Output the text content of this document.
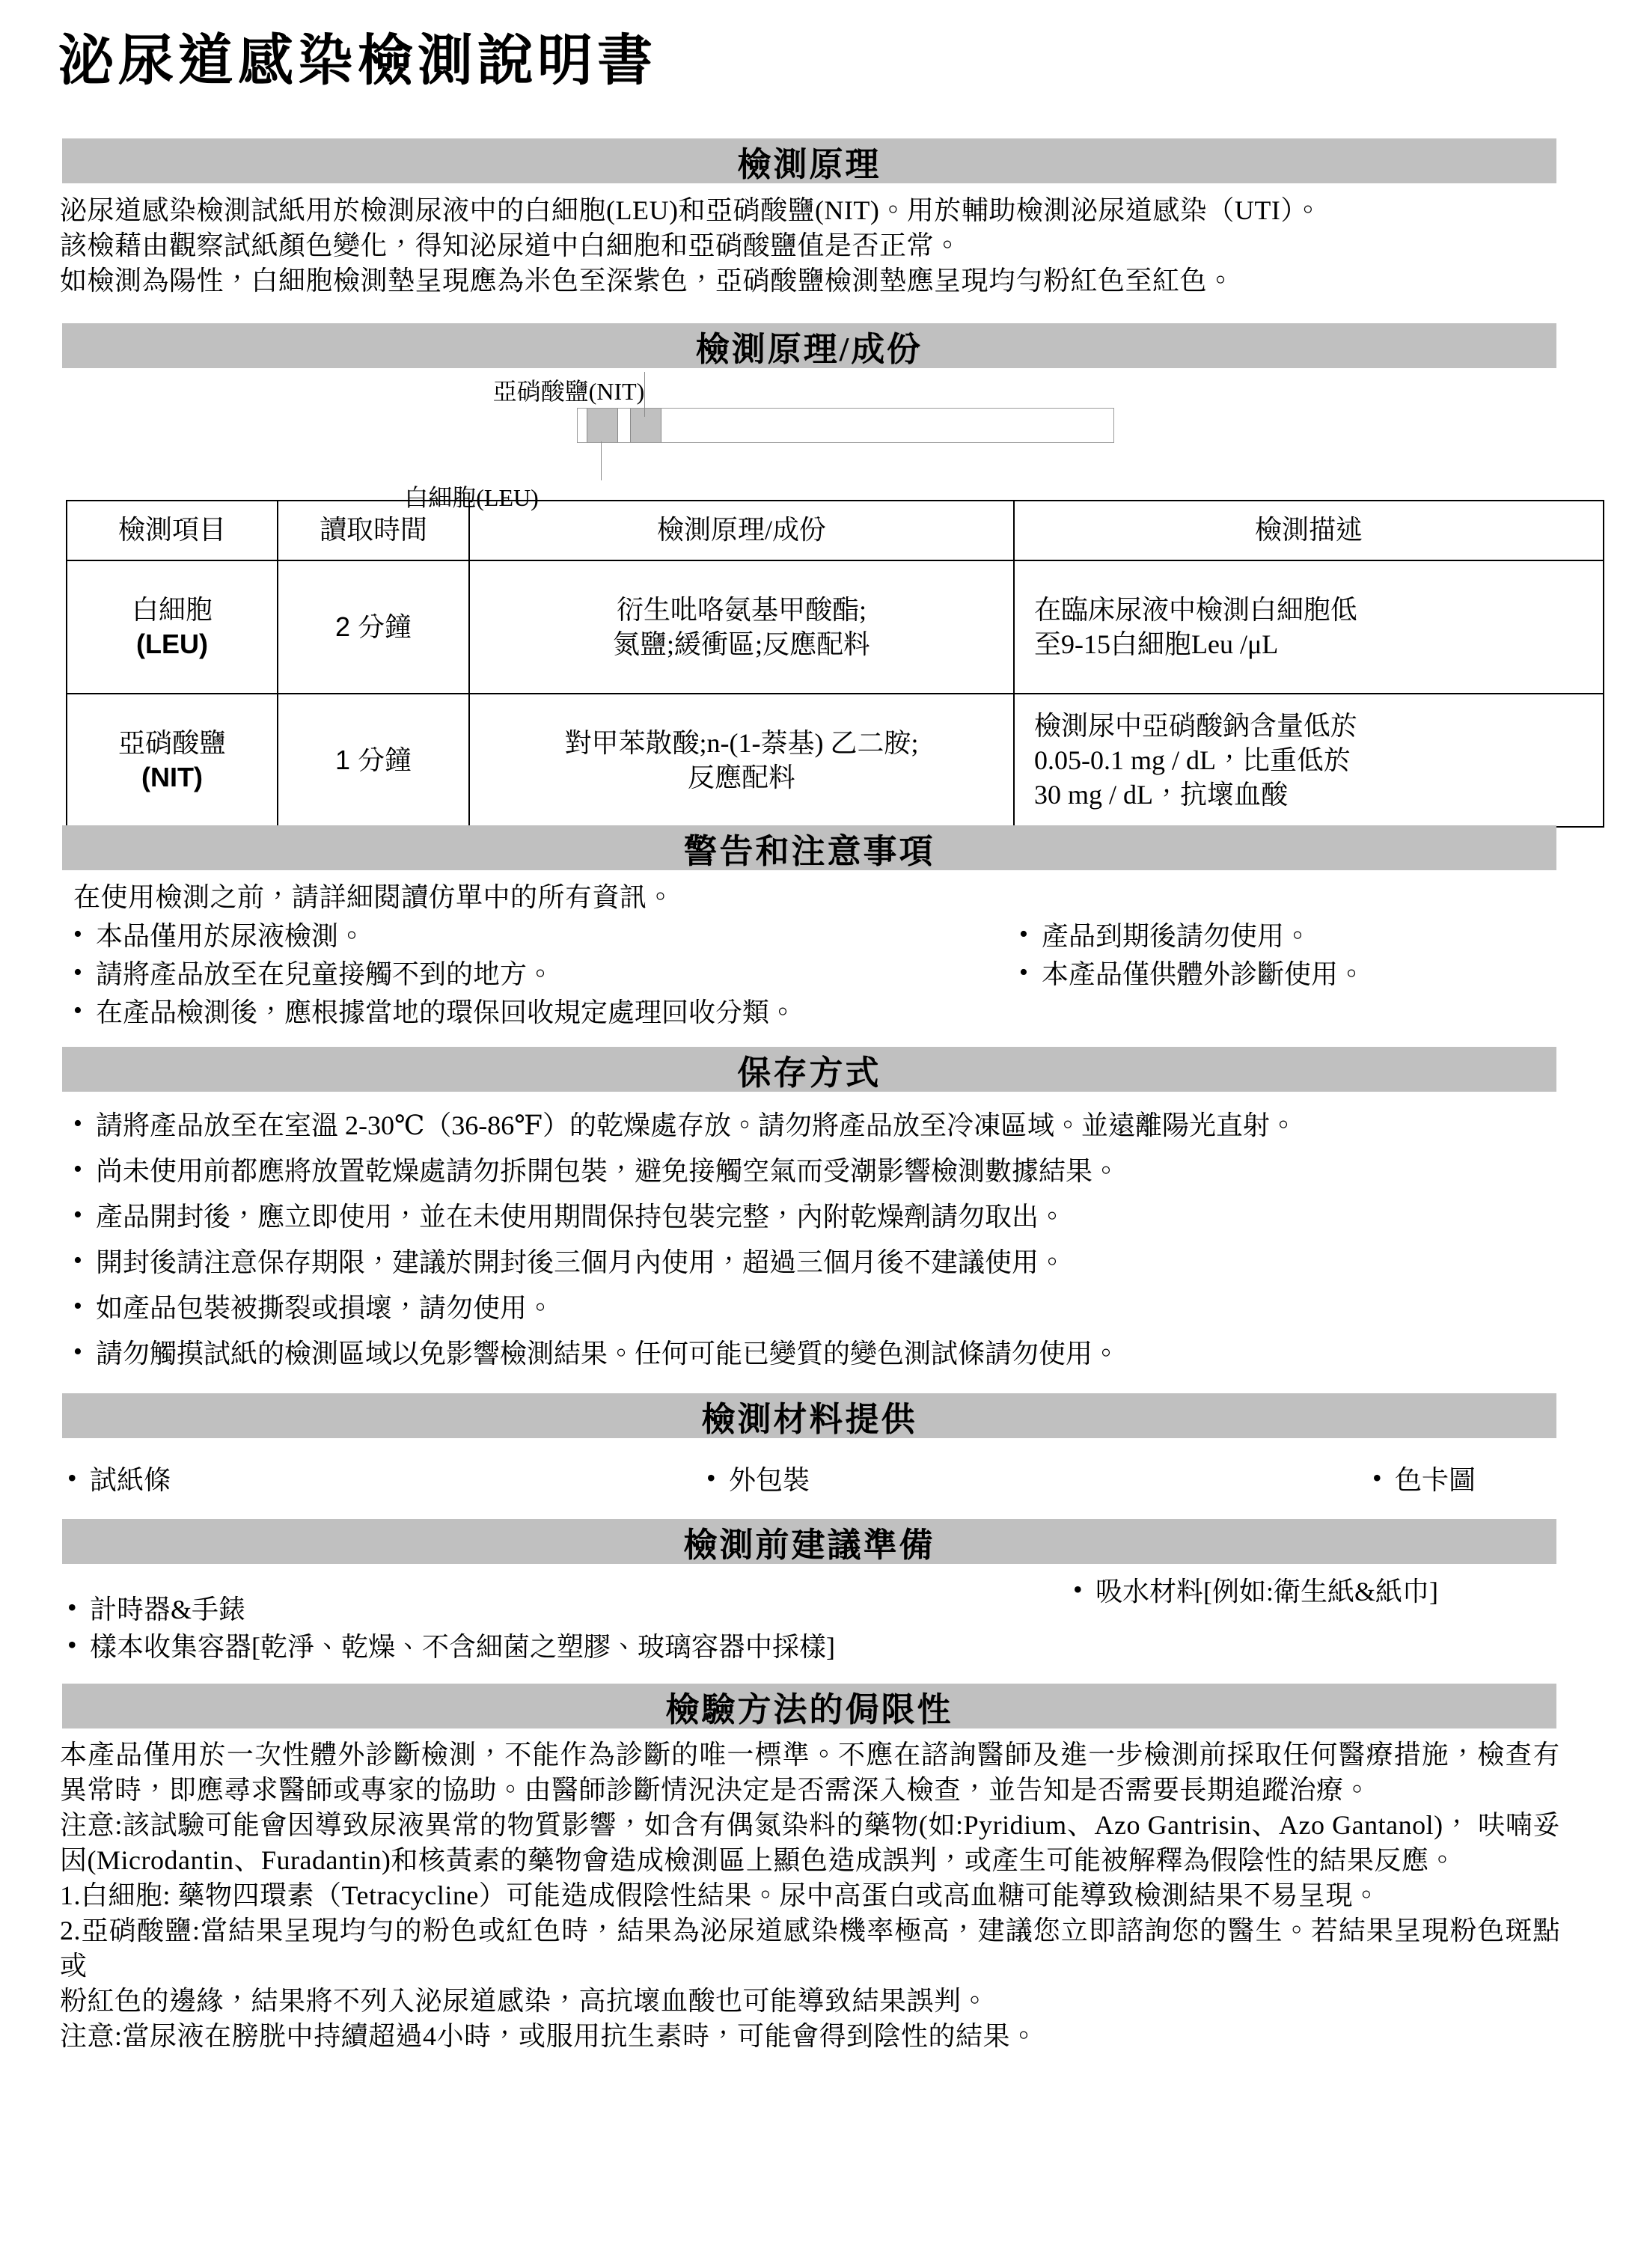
泌尿道感染檢測說明書
檢測原理

泌尿道感染檢測試紙用於檢測尿液中的白細胞(LEU)和亞硝酸鹽(NIT)。用於輔助檢測泌尿道感染（UTI）。

該檢藉由觀察試紙顏色變化，得知泌尿道中白細胞和亞硝酸鹽值是否正常。

如檢測為陽性，白細胞檢測墊呈現應為米色至深紫色，亞硝酸鹽檢測墊應呈現均勻粉紅色至紅色。

檢測原理/成份
亞硝酸鹽(NIT)
白細胞(LEU)
檢測項目	讀取時間	檢測原理/成份	檢測描述

白細胞
(LEU)	2 分鐘	衍生吡咯氨基甲酸酯;
氮鹽;緩衝區;反應配料	在臨床尿液中檢測白細胞低
至9-15白細胞Leu /μL

亞硝酸鹽
(NIT)	1 分鐘	對甲苯散酸;n-(1-萘基) 乙二胺;
反應配料	檢測尿中亞硝酸鈉含量低於
0.05-0.1 mg / dL，比重低於
30 mg / dL，抗壞血酸
警告和注意事項
在使用檢測之前，請詳細閱讀仿單中的所有資訊。
• 本品僅用於尿液檢測。
• 請將產品放至在兒童接觸不到的地方。
• 在產品檢測後，應根據當地的環保回收規定處理回收分類。
• 產品到期後請勿使用。
• 本產品僅供體外診斷使用。
保存方式
• 請將產品放至在室溫 2-30℃（36-86℉）的乾燥處存放。請勿將產品放至冷凍區域。並遠離陽光直射。
• 尚未使用前都應將放置乾燥處請勿拆開包裝，避免接觸空氣而受潮影響檢測數據結果。
• 產品開封後，應立即使用，並在未使用期間保持包裝完整，內附乾燥劑請勿取出。
• 開封後請注意保存期限，建議於開封後三個月內使用，超過三個月後不建議使用。
• 如產品包裝被撕裂或損壞，請勿使用。
• 請勿觸摸試紙的檢測區域以免影響檢測結果。任何可能已變質的變色測試條請勿使用。
檢測材料提供
• 試紙條	• 外包裝	• 色卡圖
檢測前建議準備
• 計時器&手錶
• 吸水材料[例如:衛生紙&紙巾]
• 樣本收集容器[乾淨、乾燥、不含細菌之塑膠、玻璃容器中採樣]
檢驗方法的侷限性

本產品僅用於一次性體外診斷檢測，不能作為診斷的唯一標準。不應在諮詢醫師及進一步檢測前採取任何醫療措施，檢查有異常時，即應尋求醫師或專家的協助。由醫師診斷情況決定是否需深入檢查，並告知是否需要長期追蹤治療。

注意:該試驗可能會因導致尿液異常的物質影響，如含有偶氮染料的藥物(如:Pyridium、Azo Gantrisin、Azo Gantanol)， 呋喃妥因(Microdantin、Furadantin)和核黃素的藥物會造成檢測區上顯色造成誤判，或產生可能被解釋為假陰性的結果反應。

1.白細胞: 藥物四環素（Tetracycline）可能造成假陰性結果。尿中高蛋白或高血糖可能導致檢測結果不易呈現。

2.亞硝酸鹽:當結果呈現均勻的粉色或紅色時，結果為泌尿道感染機率極高，建議您立即諮詢您的醫生。若結果呈現粉色斑點或

粉紅色的邊緣，結果將不列入泌尿道感染，高抗壞血酸也可能導致結果誤判。

注意:當尿液在膀胱中持續超過4小時，或服用抗生素時，可能會得到陰性的結果。
